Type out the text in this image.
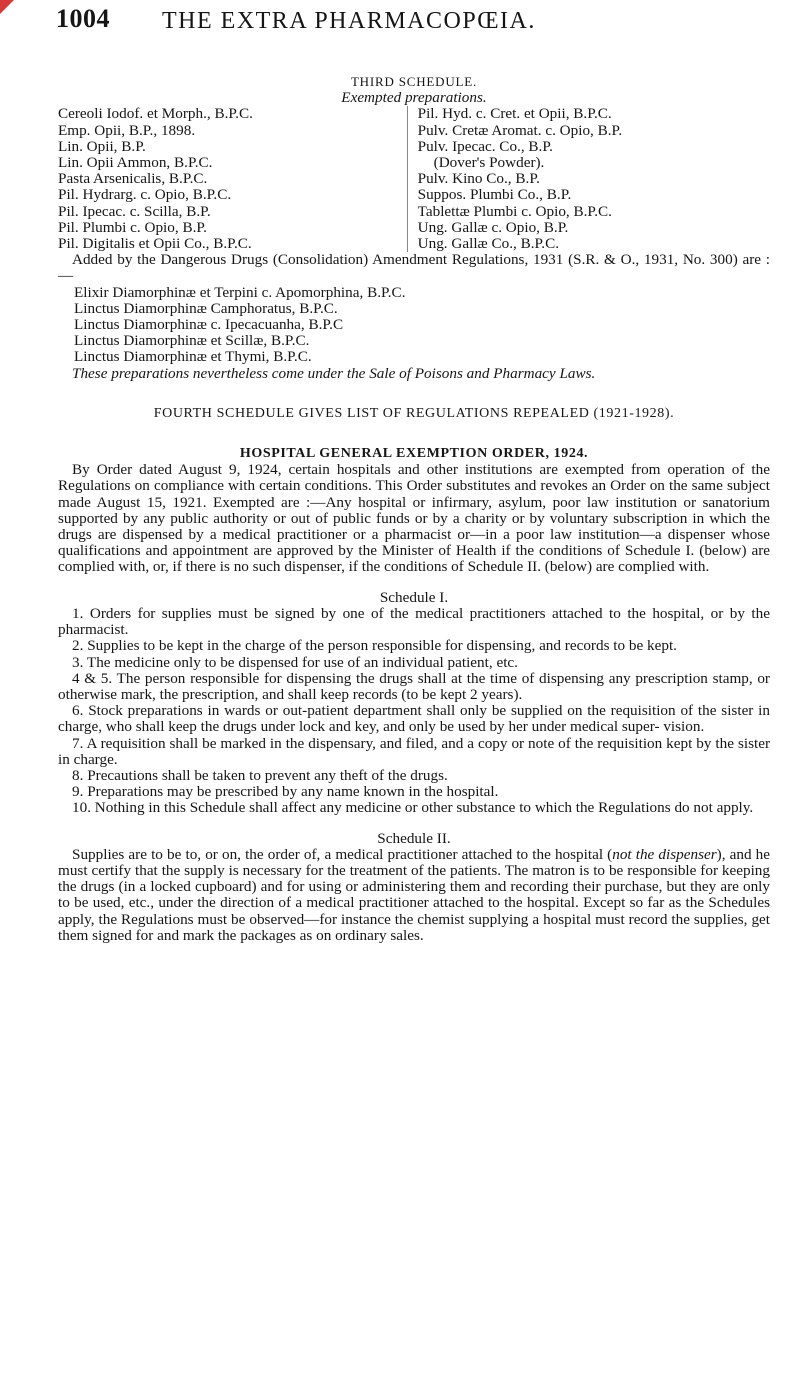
1004 THE EXTRA PHARMACOPŒIA.
THIRD SCHEDULE.
Exempted preparations.
Cereoli Iodof. et Morph., B.P.C.
Emp. Opii, B.P., 1898.
Lin. Opii, B.P.
Lin. Opii Ammon, B.P.C.
Pasta Arsenicalis, B.P.C.
Pil. Hydrarg. c. Opio, B.P.C.
Pil. Ipecac. c. Scilla, B.P.
Pil. Plumbi c. Opio, B.P.
Pil. Digitalis et Opii Co., B.P.C.
Pil. Hyd. c. Cret. et Opii, B.P.C.
Pulv. Cretæ Aromat. c. Opio, B.P.
Pulv. Ipecac. Co., B.P.
(Dover's Powder).
Pulv. Kino Co., B.P.
Suppos. Plumbi Co., B.P.
Tablettæ Plumbi c. Opio, B.P.C.
Ung. Gallæ c. Opio, B.P.
Ung. Gallæ Co., B.P.C.

Added by the Dangerous Drugs (Consolidation) Amendment Regulations, 1931 (S.R. & O., 1931, No. 300) are :—

Elixir Diamorphinæ et Terpini c. Apomorphina, B.P.C.
Linctus Diamorphinæ Camphoratus, B.P.C.
Linctus Diamorphinæ c. Ipecacuanha, B.P.C
Linctus Diamorphinæ et Scillæ, B.P.C.
Linctus Diamorphinæ et Thymi, B.P.C.

These preparations nevertheless come under the Sale of Poisons and Pharmacy Laws.

FOURTH SCHEDULE GIVES LIST OF REGULATIONS REPEALED (1921-1928).
HOSPITAL GENERAL EXEMPTION ORDER, 1924.

By Order dated August 9, 1924, certain hospitals and other institutions are exempted from operation of the Regulations on compliance with certain conditions. This Order substitutes and revokes an Order on the same subject made August 15, 1921. Exempted are :—Any hospital or infirmary, asylum, poor law institution or sanatorium supported by any public authority or out of public funds or by a charity or by voluntary subscription in which the drugs are dispensed by a medical practitioner or a pharmacist or—in a poor law institution—a dispenser whose qualifications and appointment are approved by the Minister of Health if the conditions of Schedule I. (below) are complied with, or, if there is no such dispenser, if the conditions of Schedule II. (below) are complied with.

Schedule I.

1. Orders for supplies must be signed by one of the medical practitioners attached to the hospital, or by the pharmacist.

2. Supplies to be kept in the charge of the person responsible for dispensing, and records to be kept.

3. The medicine only to be dispensed for use of an individual patient, etc.

4 & 5. The person responsible for dispensing the drugs shall at the time of dispensing any prescription stamp, or otherwise mark, the prescription, and shall keep records (to be kept 2 years).

6. Stock preparations in wards or out-patient department shall only be supplied on the requisition of the sister in charge, who shall keep the drugs under lock and key, and only be used by her under medical super- vision.

7. A requisition shall be marked in the dispensary, and filed, and a copy or note of the requisition kept by the sister in charge.

8. Precautions shall be taken to prevent any theft of the drugs.

9. Preparations may be prescribed by any name known in the hospital.

10. Nothing in this Schedule shall affect any medicine or other substance to which the Regulations do not apply.

Schedule II.

Supplies are to be to, or on, the order of, a medical practitioner attached to the hospital (not the dispenser), and he must certify that the supply is necessary for the treatment of the patients. The matron is to be responsible for keeping the drugs (in a locked cupboard) and for using or administering them and recording their purchase, but they are only to be used, etc., under the direction of a medical practitioner attached to the hospital. Except so far as the Schedules apply, the Regulations must be observed—for instance the chemist supplying a hospital must record the supplies, get them signed for and mark the packages as on ordinary sales.
